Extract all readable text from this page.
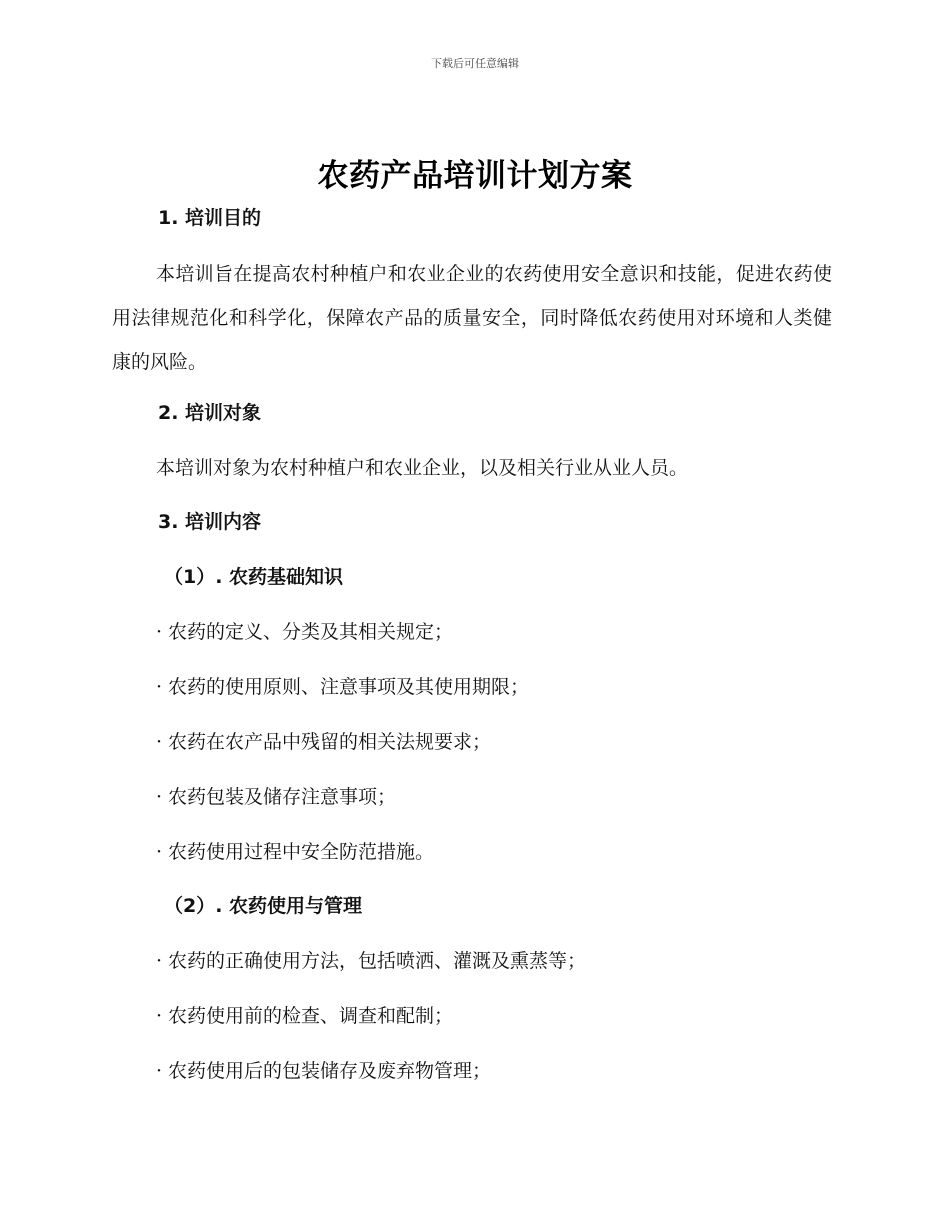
下载后可任意编辑
农药产品培训计划方案
1. 培训目的
本培训旨在提高农村种植户和农业企业的农药使用安全意识和技能，促进农药使用法律规范化和科学化，保障农产品的质量安全，同时降低农药使用对环境和人类健康的风险。
2. 培训对象
本培训对象为农村种植户和农业企业，以及相关行业从业人员。
3. 培训内容
（1）. 农药基础知识
· 农药的定义、分类及其相关规定；
· 农药的使用原则、注意事项及其使用期限；
· 农药在农产品中残留的相关法规要求；
· 农药包装及储存注意事项；
· 农药使用过程中安全防范措施。
（2）. 农药使用与管理
· 农药的正确使用方法，包括喷洒、灌溉及熏蒸等；
· 农药使用前的检查、调查和配制；
· 农药使用后的包装储存及废弃物管理；
